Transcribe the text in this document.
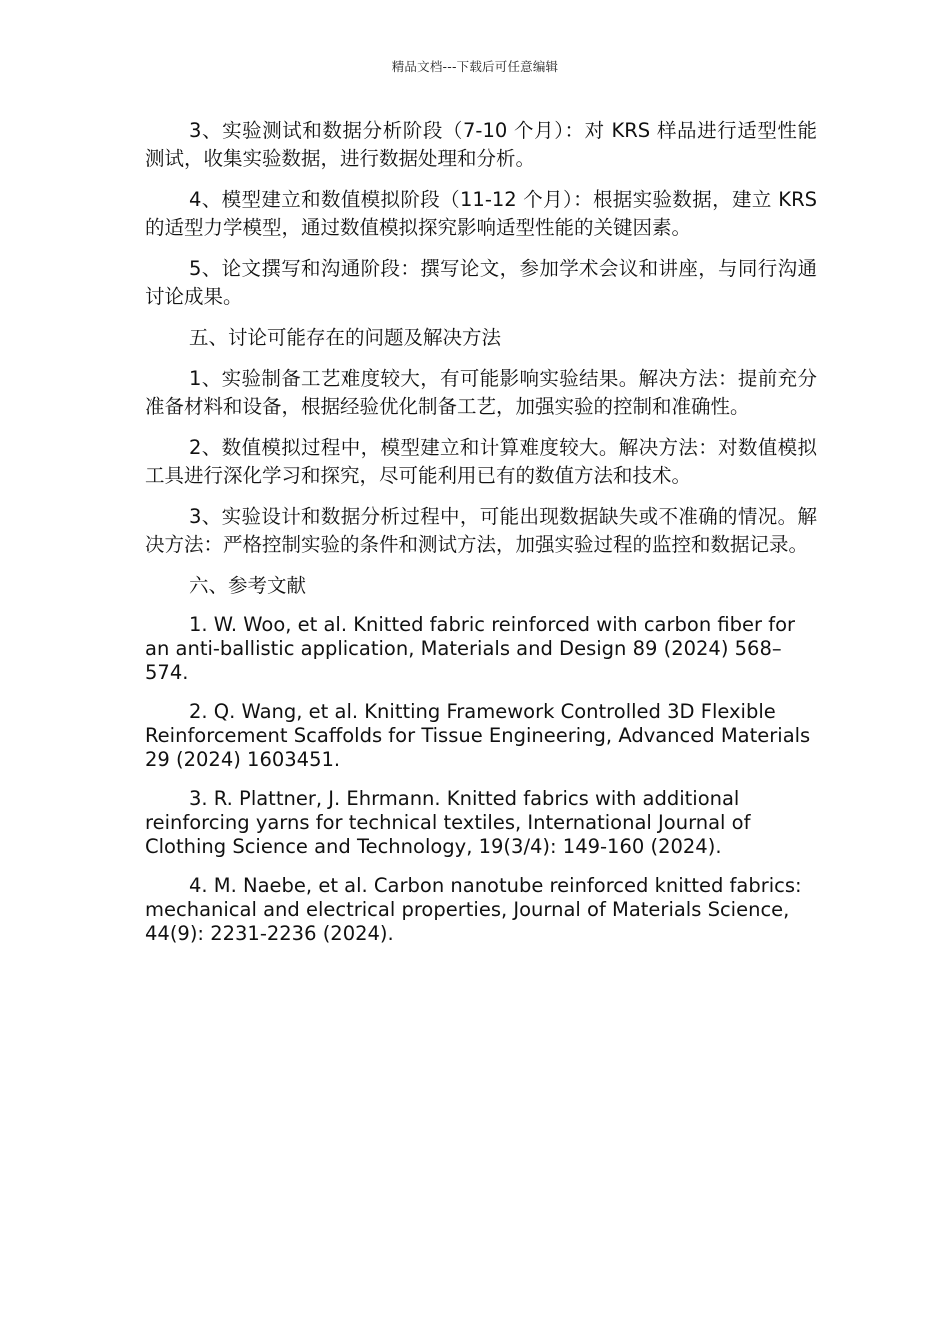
精品文档---下载后可任意编辑

3、实验测试和数据分析阶段（7-10 个月）：对 KRS 样品进行适型性能测试，收集实验数据，进行数据处理和分析。

4、模型建立和数值模拟阶段（11-12 个月）：根据实验数据，建立 KRS 的适型力学模型，通过数值模拟探究影响适型性能的关键因素。

5、论文撰写和沟通阶段：撰写论文，参加学术会议和讲座，与同行沟通讨论成果。

五、讨论可能存在的问题及解决方法

1、实验制备工艺难度较大，有可能影响实验结果。解决方法：提前充分准备材料和设备，根据经验优化制备工艺，加强实验的控制和准确性。

2、数值模拟过程中，模型建立和计算难度较大。解决方法：对数值模拟工具进行深化学习和探究，尽可能利用已有的数值方法和技术。

3、实验设计和数据分析过程中，可能出现数据缺失或不准确的情况。解决方法：严格控制实验的条件和测试方法，加强实验过程的监控和数据记录。

六、参考文献

1. W. Woo, et al. Knitted fabric reinforced with carbon fiber for an anti-ballistic application, Materials and Design 89 (2024) 568–574.

2. Q. Wang, et al. Knitting Framework Controlled 3D Flexible Reinforcement Scaffolds for Tissue Engineering, Advanced Materials 29 (2024) 1603451.

3. R. Plattner, J. Ehrmann. Knitted fabrics with additional reinforcing yarns for technical textiles, International Journal of Clothing Science and Technology, 19(3/4): 149-160 (2024).

4. M. Naebe, et al. Carbon nanotube reinforced knitted fabrics: mechanical and electrical properties, Journal of Materials Science, 44(9): 2231-2236 (2024).
